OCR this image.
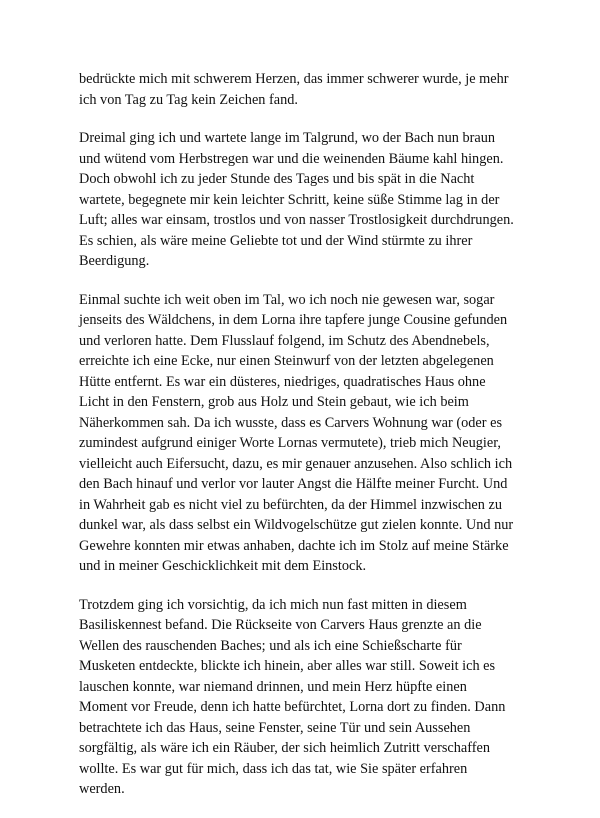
bedrückte mich mit schwerem Herzen, das immer schwerer wurde, je mehr
ich von Tag zu Tag kein Zeichen fand.

Dreimal ging ich und wartete lange im Talgrund, wo der Bach nun braun
und wütend vom Herbstregen war und die weinenden Bäume kahl hingen.
Doch obwohl ich zu jeder Stunde des Tages und bis spät in die Nacht
wartete, begegnete mir kein leichter Schritt, keine süße Stimme lag in der
Luft; alles war einsam, trostlos und von nasser Trostlosigkeit durchdrungen.
Es schien, als wäre meine Geliebte tot und der Wind stürmte zu ihrer
Beerdigung.

Einmal suchte ich weit oben im Tal, wo ich noch nie gewesen war, sogar
jenseits des Wäldchens, in dem Lorna ihre tapfere junge Cousine gefunden
und verloren hatte. Dem Flusslauf folgend, im Schutz des Abendnebels,
erreichte ich eine Ecke, nur einen Steinwurf von der letzten abgelegenen
Hütte entfernt. Es war ein düsteres, niedriges, quadratisches Haus ohne
Licht in den Fenstern, grob aus Holz und Stein gebaut, wie ich beim
Näherkommen sah. Da ich wusste, dass es Carvers Wohnung war (oder es
zumindest aufgrund einiger Worte Lornas vermutete), trieb mich Neugier,
vielleicht auch Eifersucht, dazu, es mir genauer anzusehen. Also schlich ich
den Bach hinauf und verlor vor lauter Angst die Hälfte meiner Furcht. Und
in Wahrheit gab es nicht viel zu befürchten, da der Himmel inzwischen zu
dunkel war, als dass selbst ein Wildvogelschütze gut zielen konnte. Und nur
Gewehre konnten mir etwas anhaben, dachte ich im Stolz auf meine Stärke
und in meiner Geschicklichkeit mit dem Einstock.

Trotzdem ging ich vorsichtig, da ich mich nun fast mitten in diesem
Basiliskennest befand. Die Rückseite von Carvers Haus grenzte an die
Wellen des rauschenden Baches; und als ich eine Schießscharte für
Musketen entdeckte, blickte ich hinein, aber alles war still. Soweit ich es
lauschen konnte, war niemand drinnen, und mein Herz hüpfte einen
Moment vor Freude, denn ich hatte befürchtet, Lorna dort zu finden. Dann
betrachtete ich das Haus, seine Fenster, seine Tür und sein Aussehen
sorgfältig, als wäre ich ein Räuber, der sich heimlich Zutritt verschaffen
wollte. Es war gut für mich, dass ich das tat, wie Sie später erfahren
werden.
